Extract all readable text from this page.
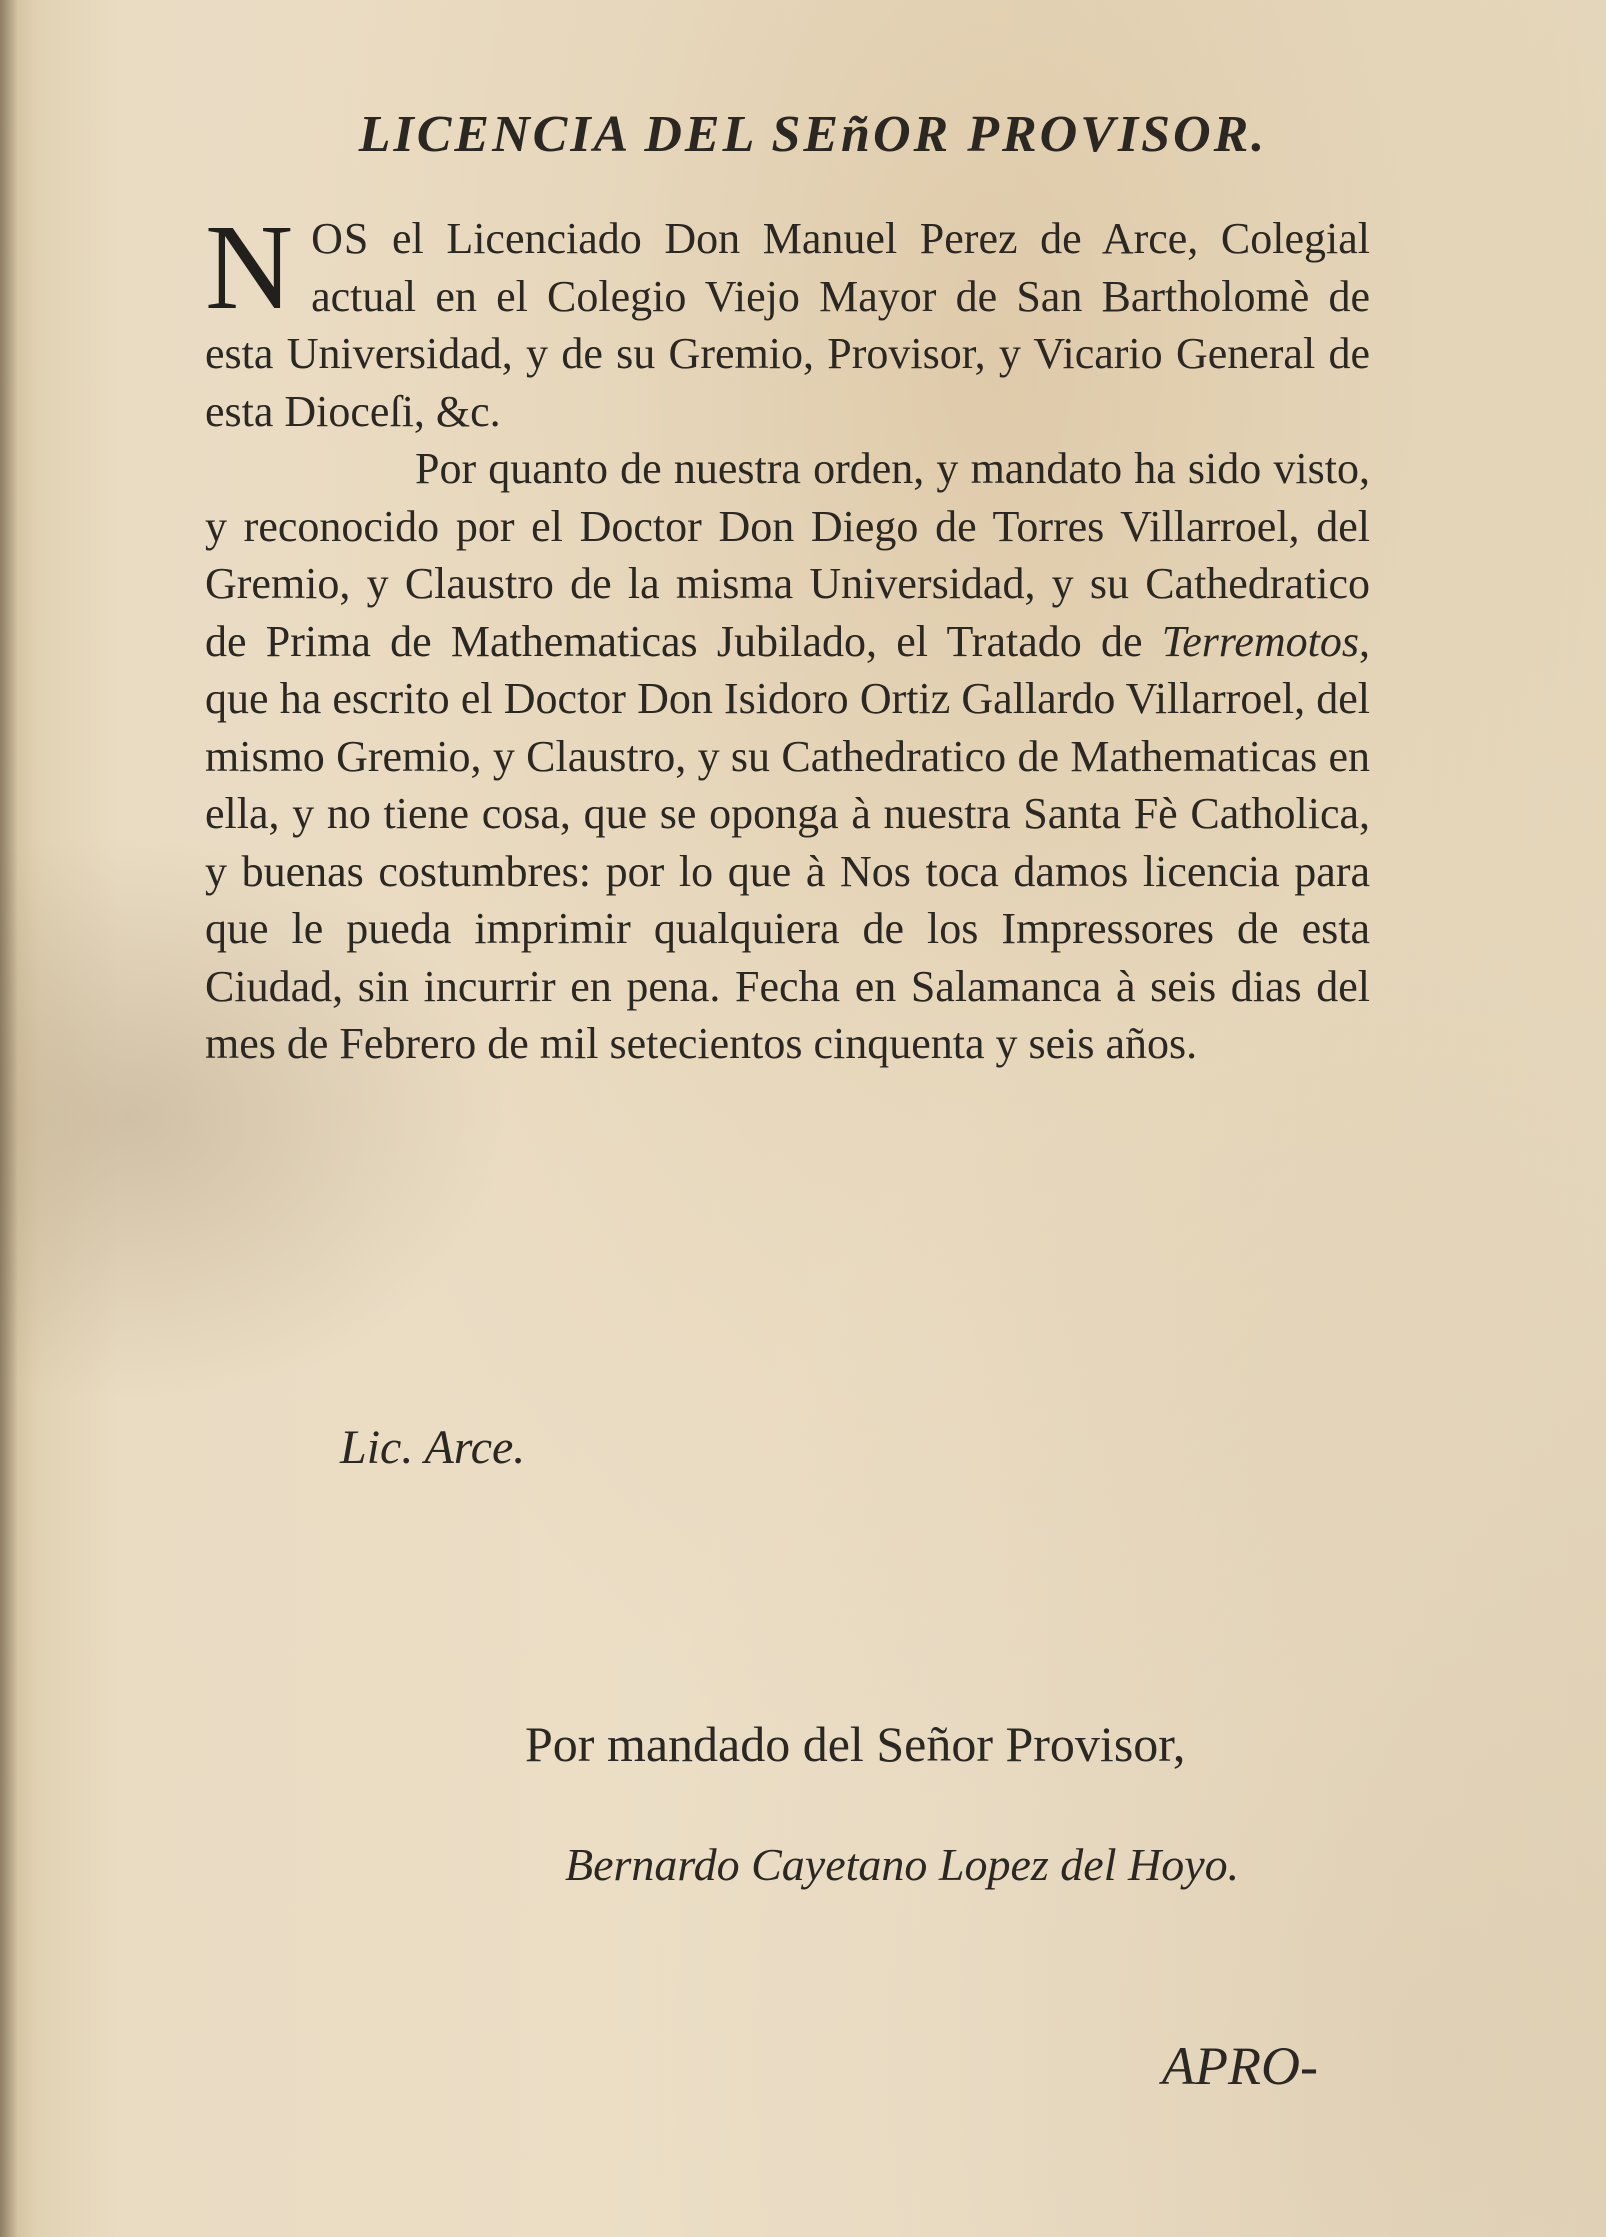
LICENCIA DEL SEñOR PROVISOR.

NOS el Licenciado Don Manuel Perez de Arce, Colegial actual en el Colegio Viejo Mayor de San Bartholomè de esta Universidad, y de su Gremio, Provisor, y Vicario General de esta Dioceſi, &c.

Por quanto de nuestra orden, y mandato ha sido visto, y reconocido por el Doctor Don Diego de Torres Villarroel, del Gremio, y Claustro de la misma Universidad, y su Cathedratico de Prima de Mathematicas Jubilado, el Tratado de Terremotos, que ha escrito el Doctor Don Isidoro Ortiz Gallardo Villarroel, del mismo Gremio, y Claustro, y su Cathedratico de Mathematicas en ella, y no tiene cosa, que se oponga à nuestra Santa Fè Catholica, y buenas costumbres: por lo que à Nos toca damos licencia para que le pueda imprimir qualquiera de los Impressores de esta Ciudad, sin incurrir en pena. Fecha en Salamanca à seis dias del mes de Febrero de mil setecientos cinquenta y seis años.

Lic. Arce.

Por mandado del Señor Provisor,

Bernardo Cayetano Lopez del Hoyo.

APRO-
